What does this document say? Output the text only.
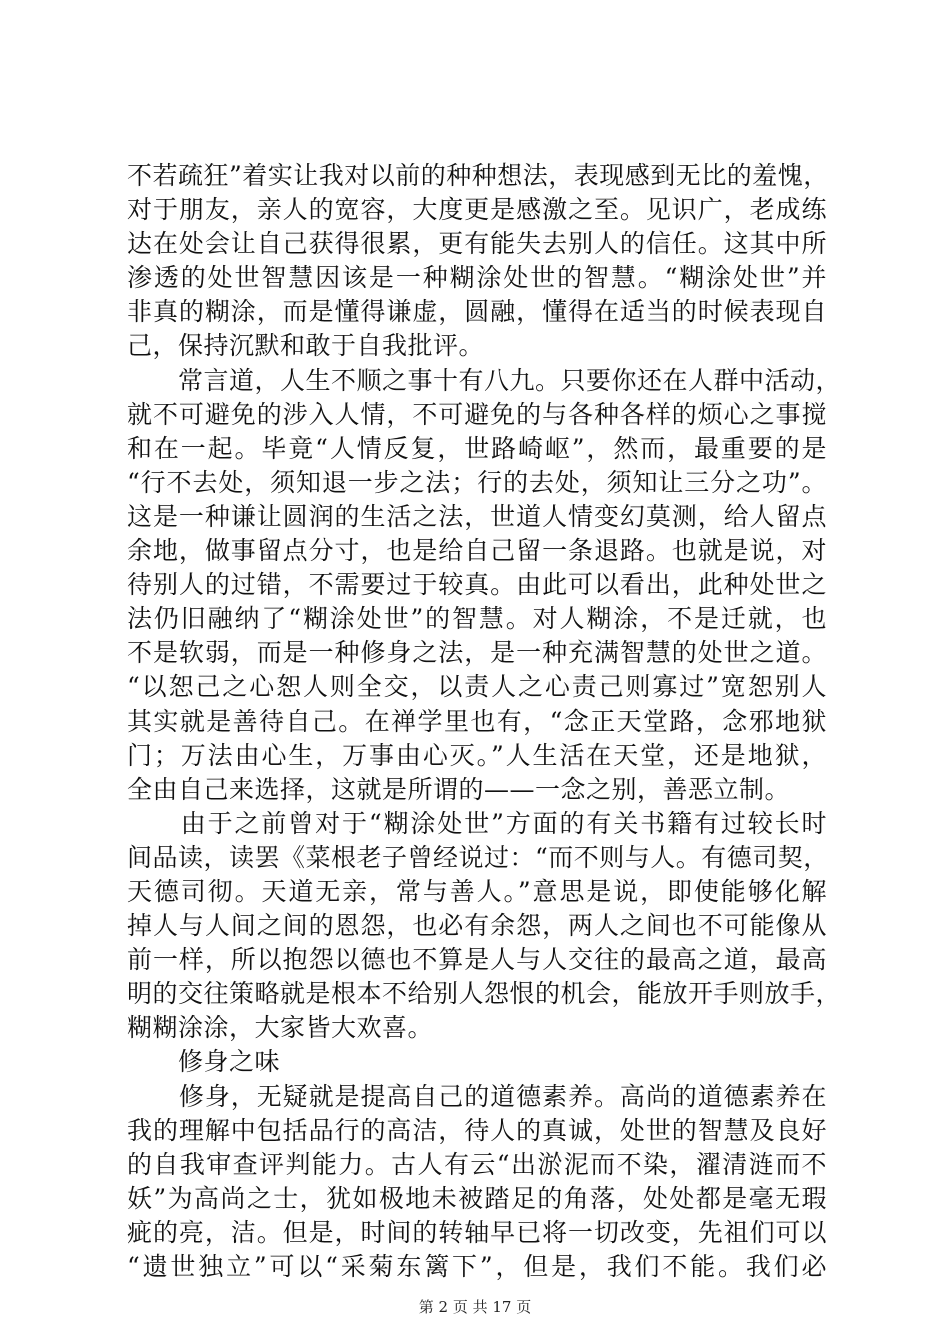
不若疏狂”着实让我对以前的种种想法，表现感到无比的羞愧，
对于朋友，亲人的宽容，大度更是感激之至。见识广，老成练
达在处会让自己获得很累，更有能失去别人的信任。这其中所
渗透的处世智慧因该是一种糊涂处世的智慧。“糊涂处世”并
非真的糊涂，而是懂得谦虚，圆融，懂得在适当的时候表现自
己，保持沉默和敢于自我批评。
　　常言道，人生不顺之事十有八九。只要你还在人群中活动，
就不可避免的涉入人情，不可避免的与各种各样的烦心之事搅
和在一起。毕竟“人情反复，世路崎岖”，然而，最重要的是
“行不去处，须知退一步之法；行的去处，须知让三分之功”。
这是一种谦让圆润的生活之法，世道人情变幻莫测，给人留点
余地，做事留点分寸，也是给自己留一条退路。也就是说，对
待别人的过错，不需要过于较真。由此可以看出，此种处世之
法仍旧融纳了“糊涂处世”的智慧。对人糊涂，不是迁就，也
不是软弱，而是一种修身之法，是一种充满智慧的处世之道。
“以恕己之心恕人则全交，以责人之心责己则寡过”宽恕别人
其实就是善待自己。在禅学里也有，“念正天堂路，念邪地狱
门；万法由心生，万事由心灭。”人生活在天堂，还是地狱，
全由自己来选择，这就是所谓的——一念之别，善恶立制。
　　由于之前曾对于“糊涂处世”方面的有关书籍有过较长时
间品读，读罢《菜根老子曾经说过：“而不则与人。有德司契，
天德司彻。天道无亲，常与善人。”意思是说，即使能够化解
掉人与人间之间的恩怨，也必有余怨，两人之间也不可能像从
前一样，所以抱怨以德也不算是人与人交往的最高之道，最高
明的交往策略就是根本不给别人怨恨的机会，能放开手则放手，
糊糊涂涂，大家皆大欢喜。
　　修身之味
　　修身，无疑就是提高自己的道德素养。高尚的道德素养在
我的理解中包括品行的高洁，待人的真诚，处世的智慧及良好
的自我审查评判能力。古人有云“出淤泥而不染，濯清涟而不
妖”为高尚之士，犹如极地未被踏足的角落，处处都是毫无瑕
疵的亮，洁。但是，时间的转轴早已将一切改变，先祖们可以
“遗世独立”可以“采菊东篱下”，但是，我们不能。我们必
第 2 页 共 17 页
